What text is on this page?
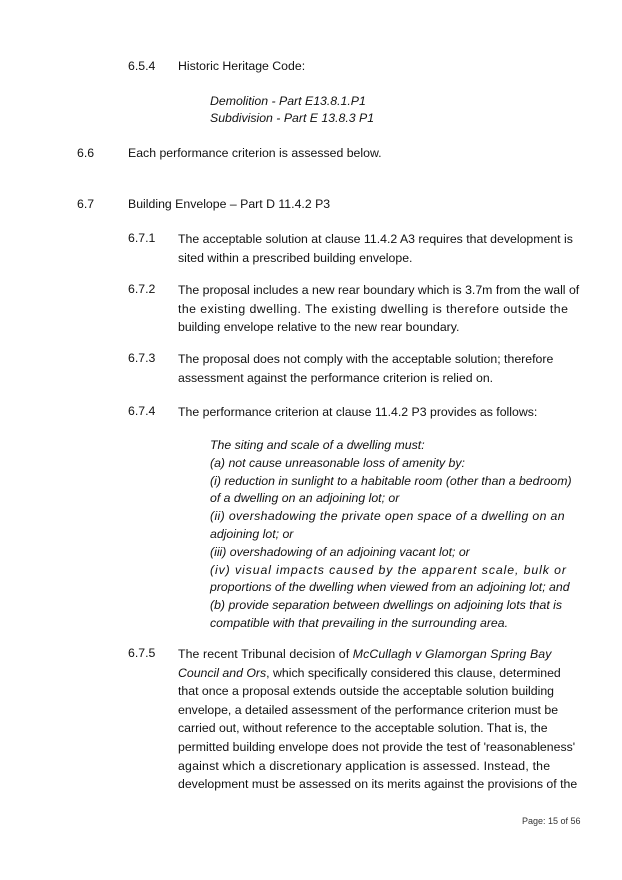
6.5.4 Historic Heritage Code:
Demolition - Part E13.8.1.P1
Subdivision - Part E 13.8.3 P1
6.6	Each performance criterion is assessed below.
6.7	Building Envelope – Part D 11.4.2 P3
6.7.1 The acceptable solution at clause 11.4.2 A3 requires that development is
sited within a prescribed building envelope.
6.7.2 The proposal includes a new rear boundary which is 3.7m from the wall of
the existing dwelling. The existing dwelling is therefore outside the
building envelope relative to the new rear boundary.
6.7.3 The proposal does not comply with the acceptable solution; therefore
assessment against the performance criterion is relied on.
6.7.4 The performance criterion at clause 11.4.2 P3 provides as follows:
The siting and scale of a dwelling must:
(a) not cause unreasonable loss of amenity by:
(i) reduction in sunlight to a habitable room (other than a bedroom)
of a dwelling on an adjoining lot; or
(ii) overshadowing the private open space of a dwelling on an
adjoining lot; or
(iii) overshadowing of an adjoining vacant lot; or
(iv) visual impacts caused by the apparent scale, bulk or
proportions of the dwelling when viewed from an adjoining lot; and
(b) provide separation between dwellings on adjoining lots that is
compatible with that prevailing in the surrounding area.
6.7.5 The recent Tribunal decision of McCullagh v Glamorgan Spring Bay
Council and Ors, which specifically considered this clause, determined
that once a proposal extends outside the acceptable solution building
envelope, a detailed assessment of the performance criterion must be
carried out, without reference to the acceptable solution. That is, the
permitted building envelope does not provide the test of 'reasonableness'
against which a discretionary application is assessed. Instead, the
development must be assessed on its merits against the provisions of the
Page: 15 of 56
